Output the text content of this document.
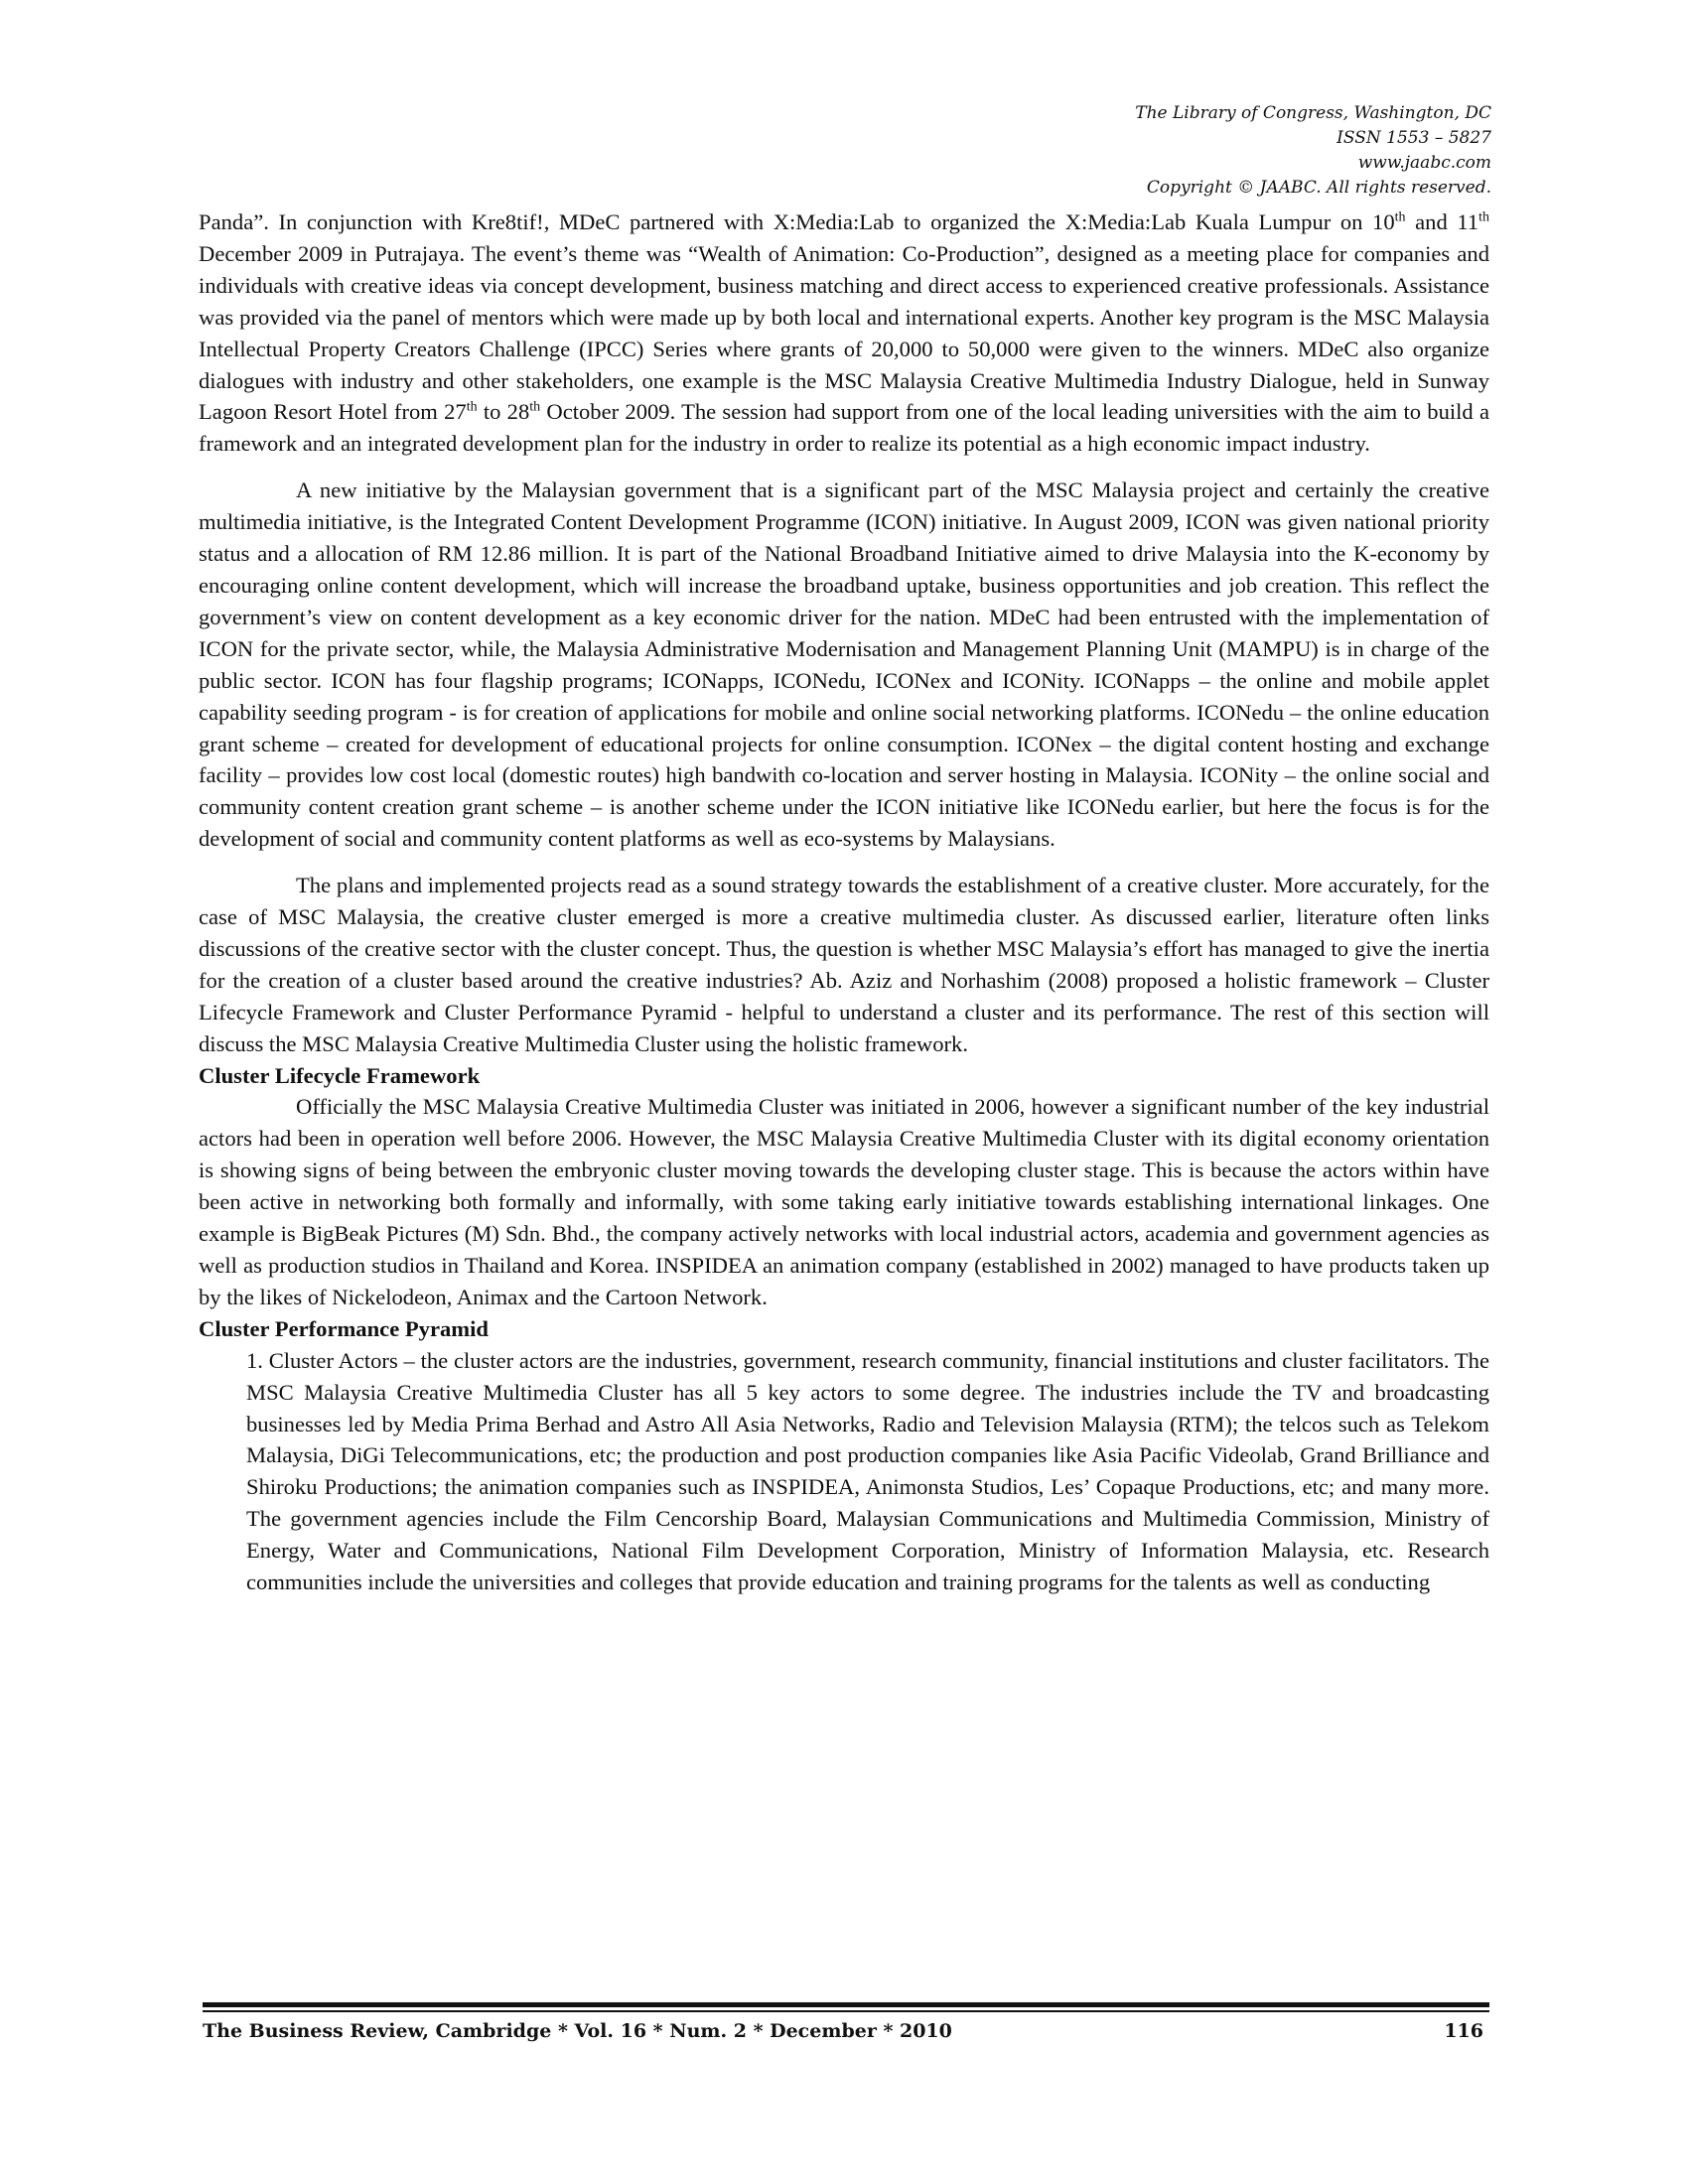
The Library of Congress, Washington, DC
ISSN 1553 – 5827
www.jaabc.com
Copyright © JAABC. All rights reserved.

Panda”. In conjunction with Kre8tif!, MDeC partnered with X:Media:Lab to organized the X:Media:Lab Kuala Lumpur on 10th and 11th December 2009 in Putrajaya. The event’s theme was “Wealth of Animation: Co-Production”, designed as a meeting place for companies and individuals with creative ideas via concept development, business matching and direct access to experienced creative professionals. Assistance was provided via the panel of mentors which were made up by both local and international experts. Another key program is the MSC Malaysia Intellectual Property Creators Challenge (IPCC) Series where grants of 20,000 to 50,000 were given to the winners. MDeC also organize dialogues with industry and other stakeholders, one example is the MSC Malaysia Creative Multimedia Industry Dialogue, held in Sunway Lagoon Resort Hotel from 27th to 28th October 2009. The session had support from one of the local leading universities with the aim to build a framework and an integrated development plan for the industry in order to realize its potential as a high economic impact industry.

A new initiative by the Malaysian government that is a significant part of the MSC Malaysia project and certainly the creative multimedia initiative, is the Integrated Content Development Programme (ICON) initiative. In August 2009, ICON was given national priority status and a allocation of RM 12.86 million. It is part of the National Broadband Initiative aimed to drive Malaysia into the K-economy by encouraging online content development, which will increase the broadband uptake, business opportunities and job creation. This reflect the government’s view on content development as a key economic driver for the nation. MDeC had been entrusted with the implementation of ICON for the private sector, while, the Malaysia Administrative Modernisation and Management Planning Unit (MAMPU) is in charge of the public sector. ICON has four flagship programs; ICONapps, ICONedu, ICONex and ICONity. ICONapps – the online and mobile applet capability seeding program - is for creation of applications for mobile and online social networking platforms. ICONedu – the online education grant scheme – created for development of educational projects for online consumption. ICONex – the digital content hosting and exchange facility – provides low cost local (domestic routes) high bandwith co-location and server hosting in Malaysia. ICONity – the online social and community content creation grant scheme – is another scheme under the ICON initiative like ICONedu earlier, but here the focus is for the development of social and community content platforms as well as eco-systems by Malaysians.

The plans and implemented projects read as a sound strategy towards the establishment of a creative cluster. More accurately, for the case of MSC Malaysia, the creative cluster emerged is more a creative multimedia cluster. As discussed earlier, literature often links discussions of the creative sector with the cluster concept. Thus, the question is whether MSC Malaysia’s effort has managed to give the inertia for the creation of a cluster based around the creative industries? Ab. Aziz and Norhashim (2008) proposed a holistic framework – Cluster Lifecycle Framework and Cluster Performance Pyramid - helpful to understand a cluster and its performance. The rest of this section will discuss the MSC Malaysia Creative Multimedia Cluster using the holistic framework.

Cluster Lifecycle Framework

Officially the MSC Malaysia Creative Multimedia Cluster was initiated in 2006, however a significant number of the key industrial actors had been in operation well before 2006. However, the MSC Malaysia Creative Multimedia Cluster with its digital economy orientation is showing signs of being between the embryonic cluster moving towards the developing cluster stage. This is because the actors within have been active in networking both formally and informally, with some taking early initiative towards establishing international linkages. One example is BigBeak Pictures (M) Sdn. Bhd., the company actively networks with local industrial actors, academia and government agencies as well as production studios in Thailand and Korea. INSPIDEA an animation company (established in 2002) managed to have products taken up by the likes of Nickelodeon, Animax and the Cartoon Network.

Cluster Performance Pyramid

1. Cluster Actors – the cluster actors are the industries, government, research community, financial institutions and cluster facilitators. The MSC Malaysia Creative Multimedia Cluster has all 5 key actors to some degree. The industries include the TV and broadcasting businesses led by Media Prima Berhad and Astro All Asia Networks, Radio and Television Malaysia (RTM); the telcos such as Telekom Malaysia, DiGi Telecommunications, etc; the production and post production companies like Asia Pacific Videolab, Grand Brilliance and Shiroku Productions; the animation companies such as INSPIDEA, Animonsta Studios, Les’ Copaque Productions, etc; and many more. The government agencies include the Film Cencorship Board, Malaysian Communications and Multimedia Commission, Ministry of Energy, Water and Communications, National Film Development Corporation, Ministry of Information Malaysia, etc. Research communities include the universities and colleges that provide education and training programs for the talents as well as conducting

The Business Review, Cambridge * Vol. 16 * Num. 2 * December * 2010	116
